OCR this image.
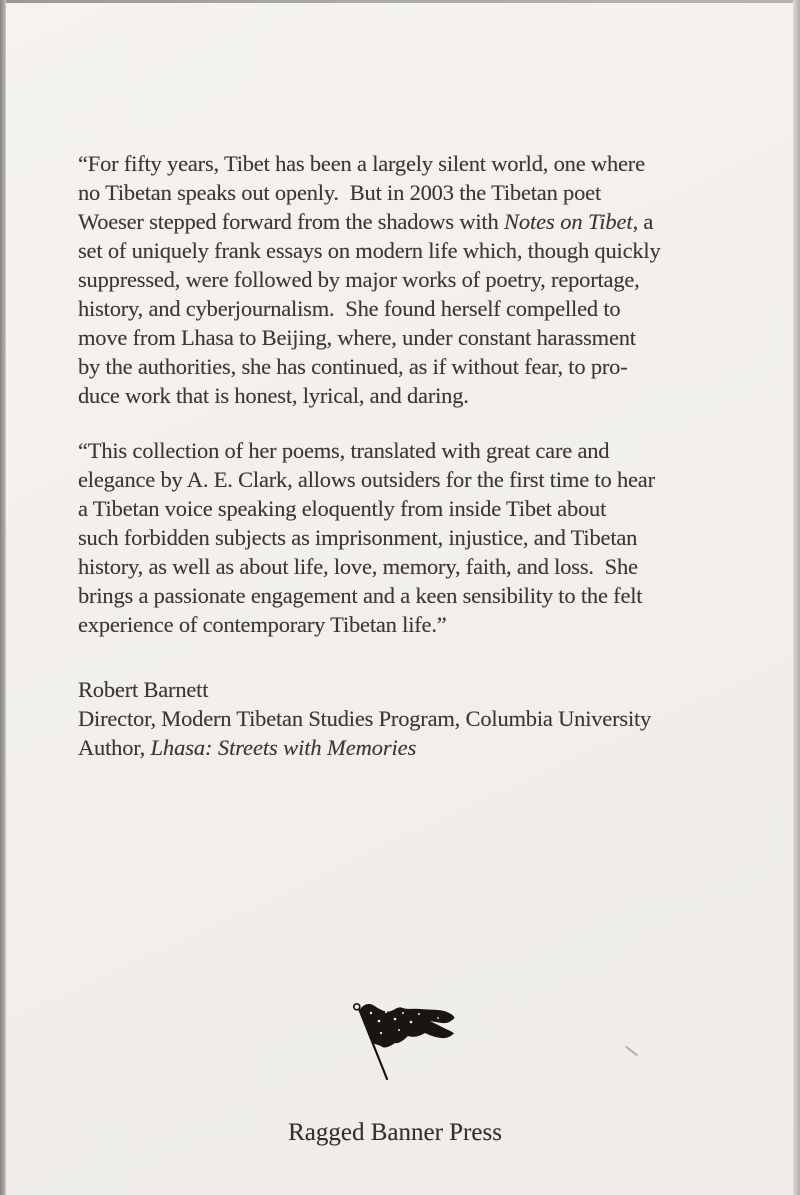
“For fifty years, Tibet has been a largely silent world, one where
no Tibetan speaks out openly.  But in 2003 the Tibetan poet
Woeser stepped forward from the shadows with Notes on Tibet, a
set of uniquely frank essays on modern life which, though quickly
suppressed, were followed by major works of poetry, reportage,
history, and cyberjournalism.  She found herself compelled to
move from Lhasa to Beijing, where, under constant harassment
by the authorities, she has continued, as if without fear, to pro-
duce work that is honest, lyrical, and daring.
“This collection of her poems, translated with great care and
elegance by A. E. Clark, allows outsiders for the first time to hear
a Tibetan voice speaking eloquently from inside Tibet about
such forbidden subjects as imprisonment, injustice, and Tibetan
history, as well as about life, love, memory, faith, and loss.  She
brings a passionate engagement and a keen sensibility to the felt
experience of contemporary Tibetan life.”
Robert Barnett
Director, Modern Tibetan Studies Program, Columbia University
Author, Lhasa: Streets with Memories
Ragged Banner Press
